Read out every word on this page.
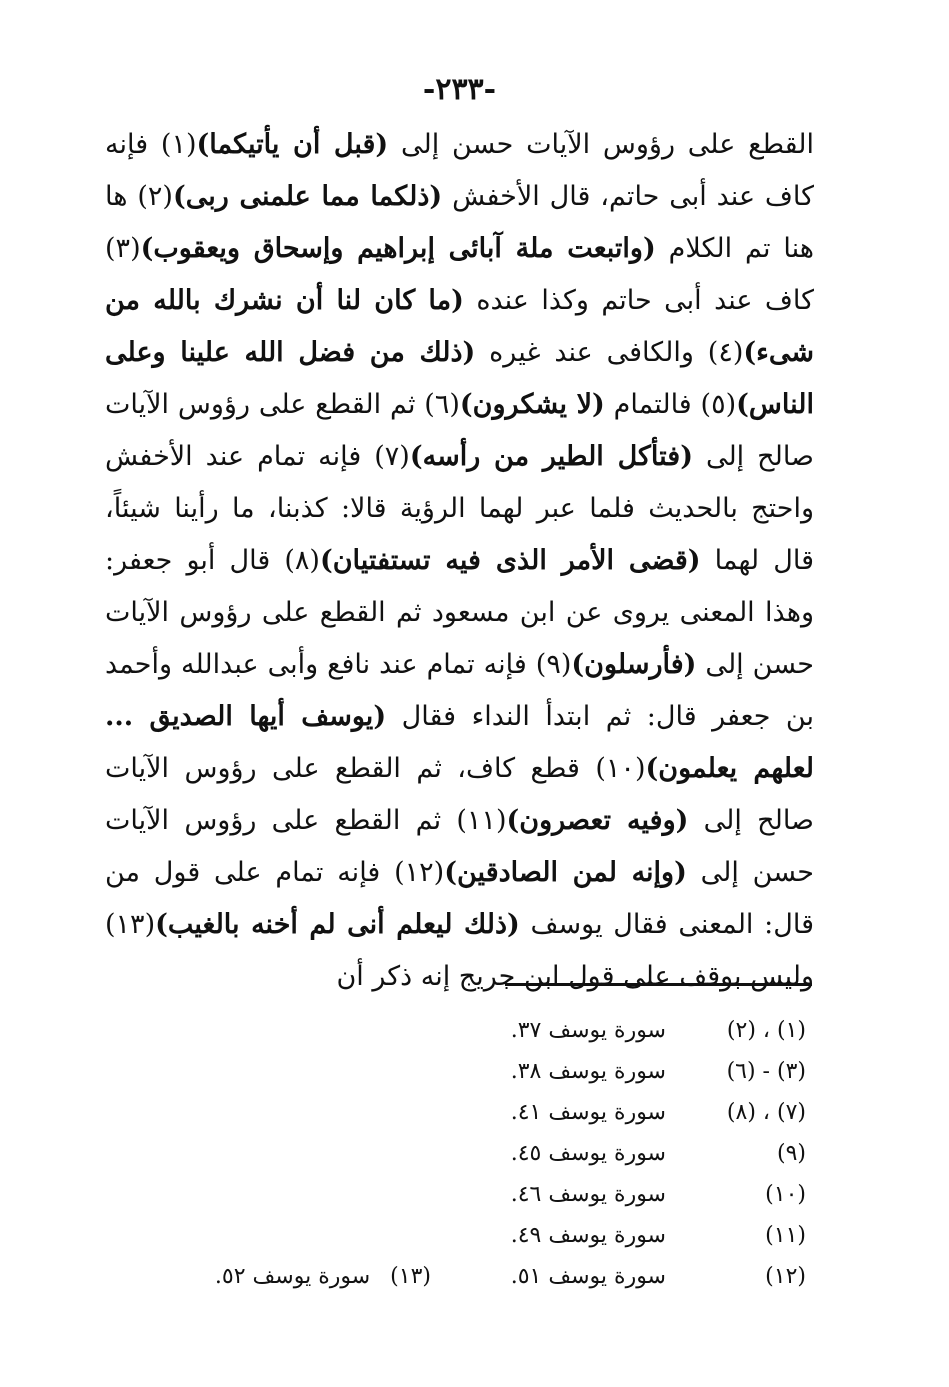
-٢٣٣-
القطع على رؤوس الآيات حسن إلى (قبل أن يأتيكما)(١) فإنه كاف عند أبى حاتم، قال الأخفش (ذلكما مما علمنى ربى)(٢) ها هنا تم الكلام (واتبعت ملة آبائى إبراهيم وإسحاق ويعقوب)(٣) كاف عند أبى حاتم وكذا عنده (ما كان لنا أن نشرك بالله من شىء)(٤) والكافى عند غيره (ذلك من فضل الله علينا وعلى الناس)(٥) فالتمام (لا يشكرون)(٦) ثم القطع على رؤوس الآيات صالح إلى (فتأكل الطير من رأسه)(٧) فإنه تمام عند الأخفش واحتج بالحديث فلما عبر لهما الرؤية قالا: كذبنا، ما رأينا شيئاً، قال لهما (قضى الأمر الذى فيه تستفتيان)(٨) قال أبو جعفر: وهذا المعنى يروى عن ابن مسعود ثم القطع على رؤوس الآيات حسن إلى (فأرسلون)(٩) فإنه تمام عند نافع وأبى عبدالله وأحمد بن جعفر قال: ثم ابتدأ النداء فقال (يوسف أيها الصديق ... لعلهم يعلمون)(١٠) قطع كاف، ثم القطع على رؤوس الآيات صالح إلى (وفيه تعصرون)(١١) ثم القطع على رؤوس الآيات حسن إلى (وإنه لمن الصادقين)(١٢) فإنه تمام على قول من قال: المعنى فقال يوسف (ذلك ليعلم أنى لم أخنه بالغيب)(١٣) وليس بوقف على قول ابن جريج إنه ذكر أن
(١) ، (٢)
سورة يوسف ٣٧.
(٣) - (٦)
سورة يوسف ٣٨.
(٧) ، (٨)
سورة يوسف ٤١.
(٩)
سورة يوسف ٤٥.
(١٠)
سورة يوسف ٤٦.
(١١)
سورة يوسف ٤٩.
(١٢)
سورة يوسف ٥١.
(١٣)
سورة يوسف ٥٢.
